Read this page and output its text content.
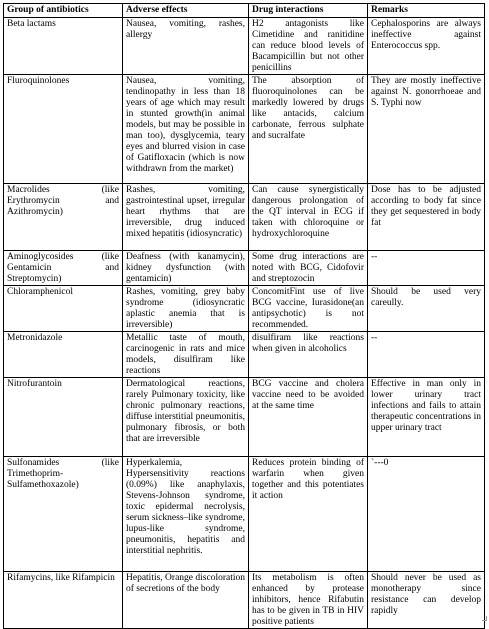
Group of antibiotics	Adverse effects	Drug interactions	Remarks
Beta lactams	Nausea, vomiting, rashes, allergy	H2 antagonists like Cimetidine and ranitidine can reduce blood levels of Bacampicillin but not other penicillins	Cephalosporins are always ineffective against Enterococcus spp.
Fluroquinolones	Nausea, vomiting, tendinopathy in less than 18 years of age which may result in stunted growth(in animal models, but may be possible in man too), dysglycemia, teary eyes and blurred vision in case of Gatifloxacin (which is now withdrawn from the market)	The absorption of fluoroquinolones can be markedly lowered by drugs like antacids, calcium carbonate, ferrous sulphate and sucralfate	They are mostly ineffective against N. gonorrhoeae and S. Typhi now
Macrolides (like Erythromycin and Azithromycin)	Rashes, vomiting, gastrointestinal upset, irregular heart rhythms that are irreversible, drug induced mixed hepatitis (idiosyncratic)	Can cause synergistically dangerous prolongation of the QT interval in ECG if taken with chloroquine or hydroxychloroquine	Dose has to be adjusted according to body fat since they get sequestered in body fat
Aminoglycosides (like Gentamicin and Streptomycin)	Deafness (with kanamycin), kidney dysfunction (with gentamicin)	Some drug interactions are noted with BCG, Cidofovir and streptozocin	--
Chloramphenicol	Rashes, vomiting, grey baby syndrome (idiosyncratic aplastic anemia that is irreversible)	ConcomitFint use of live BCG vaccine, Iurasidone(an antipsychotic) is not recommended.	Should be used very careully.
Metronidazole	Metallic taste of mouth, carcinogenic in rats and mice models, disulfiram like reactions	disulfiram like reactions when given in alcoholics	--
Nitrofurantoin	Dermatological reactions, rarely Pulmonary toxicity, like chronic pulmonary reactions, diffuse interstitial pneumonitis, pulmonary fibrosis, or both that are irreversible	BCG vaccine and cholera vaccine need to be avoided at the same time	Effective in man only in lower urinary tract infections and fails to attain therapeutic concentrations in upper urinary tract
Sulfonamides (like Trimethoprim-Sulfamethoxazole)	Hyperkalemia, Hypersensitivity reactions (0.09%) like anaphylaxis, Stevens-Johnson syndrome, toxic epidermal necrolysis, serum sickness–like syndrome, lupus-like syndrome, pneumonitis, hepatitis and interstitial nephritis.	Reduces protein binding of warfarin when given together and this potentiates it action	`---0
Rifamycins, like Rifampicin	Hepatitis, Orange discoloration of secretions of the body	Its metabolism is often enhanced by protease inhibitors, hence Rifabutin has to be given in TB in HIV positive patients	Should never be used as monotherapy since resistance can develop rapidly
